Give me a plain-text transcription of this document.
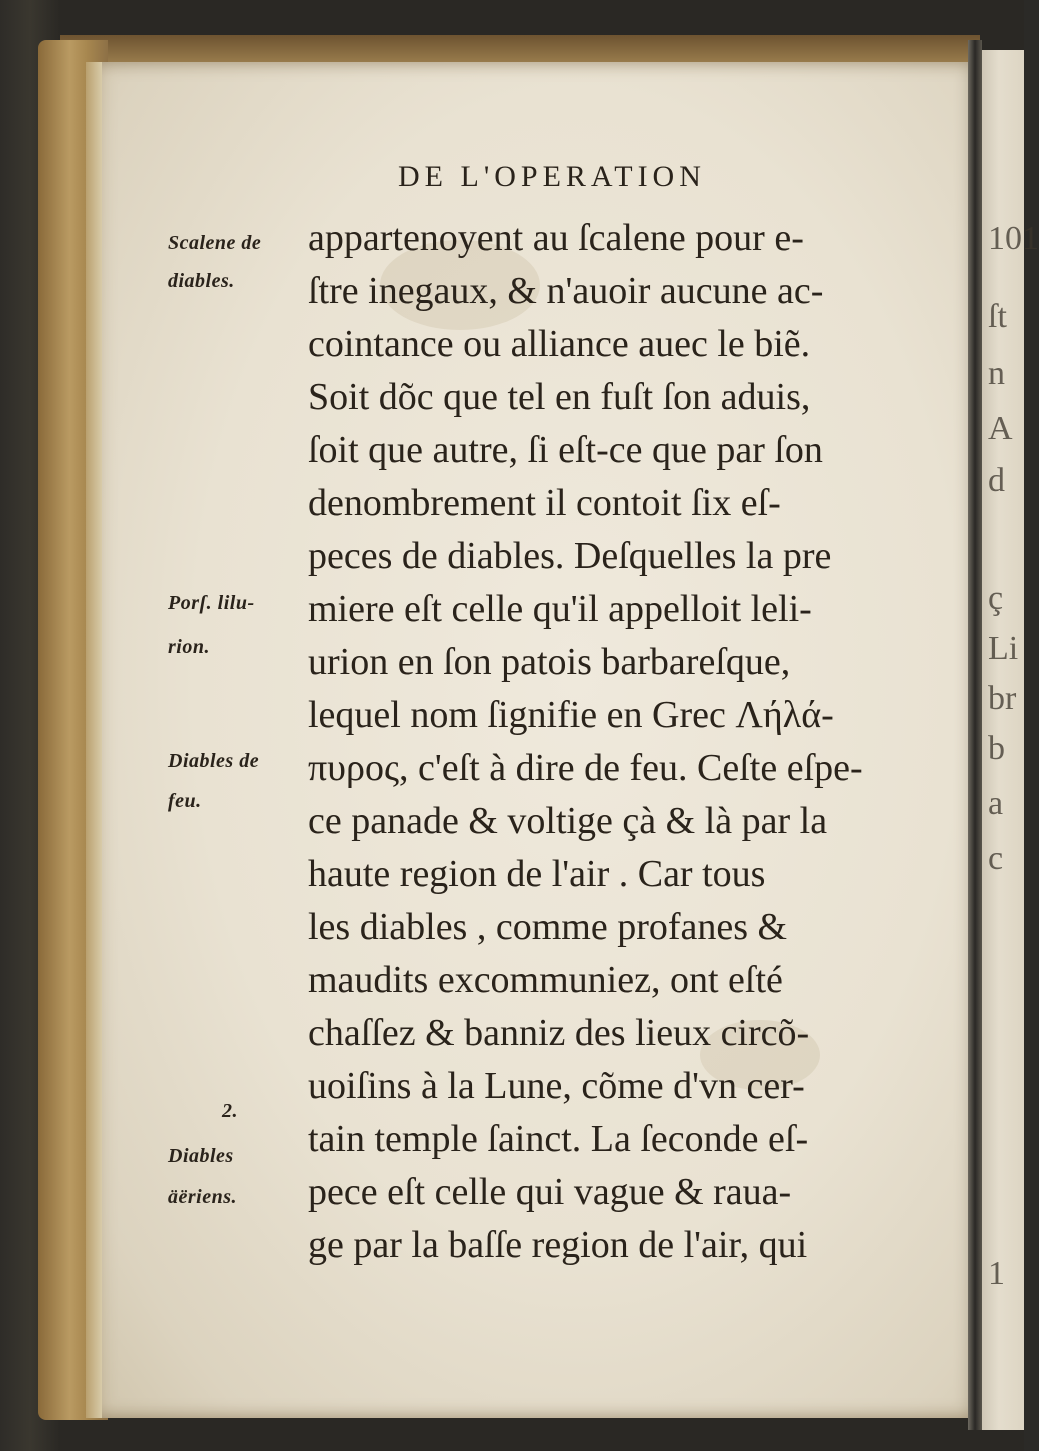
101
ſt
n
A
d
ç
Li
br
b
a
c
1
DE L'OPERATION
appartenoyent au ſcalene pour e-
ſtre inegaux, & n'auoir aucune ac-
cointance ou alliance auec le biẽ.
Soit dõc que tel en fuſt ſon aduis,
ſoit que autre, ſi eſt-ce que par ſon
denombrement il contoit ſix eſ-
peces de diables. Deſquelles la pre
miere eſt celle qu'il appelloit leli-
urion en ſon patois barbareſque,
lequel nom ſignifie en Grec Λήλά-
πυρος, c'eſt à dire de feu. Ceſte eſpe-
ce panade & voltige çà & là par la
haute region de l'air . Car tous
les diables , comme profanes &
maudits excommuniez, ont eſté
chaſſez & banniz des lieux circõ-
uoiſins à la Lune, cõme d'vn cer-
tain temple ſainct. La ſeconde eſ-
pece eſt celle qui vague & raua-
ge par la baſſe region de l'air, qui
Scalene de
diables.
Porſ. lilu-
rion.
Diables de
feu.
2.
Diables
äëriens.
